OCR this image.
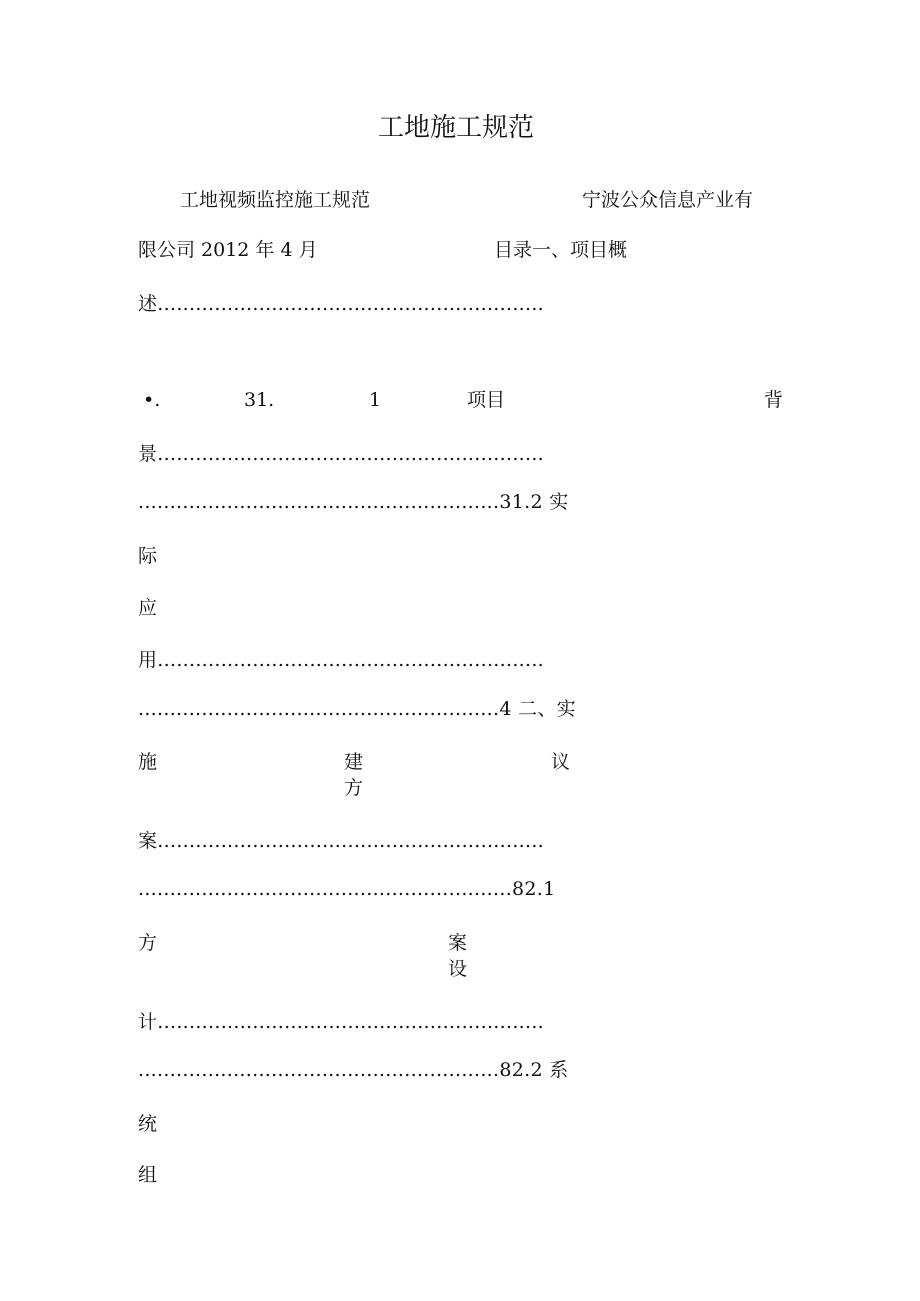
工地施工规范
工地视频监控施工规范	宁波公众信息产业有
限公司 2012 年 4 月	目录一、项目概
述.............................................................
•.	31.	1	项目	背
景.............................................................
.........................................................31.2 实
际
应
用.............................................................
.........................................................4 二、实
施	建
方
议
案.............................................................
...........................................................82.1
方	案
设
计.............................................................
.........................................................82.2 系
统
组
